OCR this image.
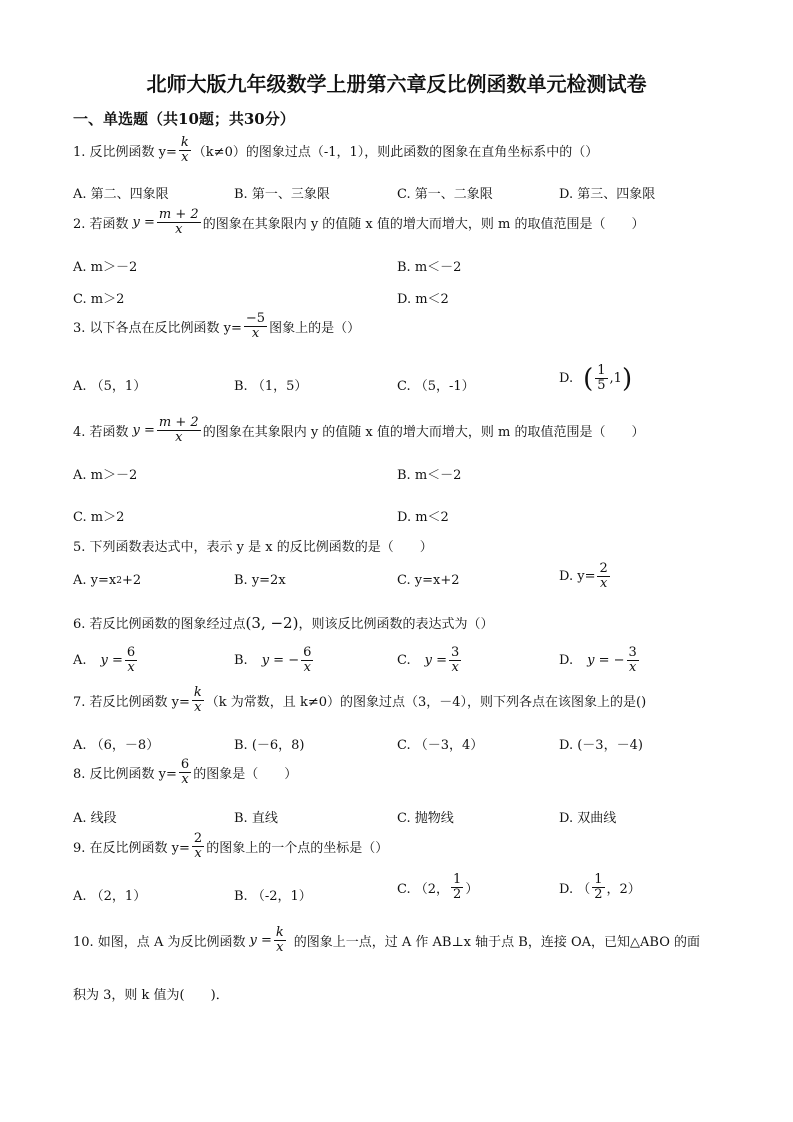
北师大版九年级数学上册第六章反比例函数单元检测试卷
一、单选题（共10题；共30分）
1. 反比例函数 $y= \frac{k}{x} (k\ne 0)$的图象过点（-1，1），则此函数的图象在直角坐标系中的（）
A. 第二、四象限	B. 第一、三象限	C. 第一、二象限	D. 第三、四象限
2. 若函数 $y = \frac{m + 2}{x}$ 的图象在其象限内 y 的值随 x 值的增大而增大，则 m 的取值范围是（　　）
A. m＞－2	B. m＜－2
C. m＞2	D. m＜2
3. 以下各点在反比例函数 $y= \frac{-5}{x}$ 图象上的是（）
A. （5，1）	B. （1，5）	C. （5，-1）
D. ( $\frac{1}{5} ,1$ )
4. 若函数 $y = \frac{m + 2}{x}$ 的图象在其象限内 y 的值随 x 值的增大而增大，则 m 的取值范围是（　　）
A. m＞－2	B. m＜－2
C. m＞2	D. m＜2
5. 下列函数表达式中，表示 y 是 x 的反比例函数的是（　　）
A. y=x 2 +2	B. y=2x	C. y=x+2	D. $y= \frac{2}{x}$
6. 若反比例函数的图象经过点 (3, −2) ，则该反比例函数的表达式为（）
A. $y = \frac{6}{x}$	B. y = − $\frac{6}{x}$	C. $y = \frac{3}{x}$	D. y = − $\frac{3}{x}$
7. 若反比例函数 $y= \frac{k}{x} (k$ 为常数，且 k≠0）的图象过点（3，－4），则下列各点在该图象上的是()
A. （6，－8）	B. (－6，8)	C. （－3，4）	D. (－3，－4)
8. 反比例函数 $y= \frac{6}{x}$ 的图象是（　　）
A. 线段	B. 直线	C. 抛物线	D. 双曲线
9. 在反比例函数 $y= \frac{2}{x}$ 的图象上的一个点的坐标是（）
A. （2，1）	B. （-2，1）	C. （2， $\frac{1}{2}$ ）	D. （ $\frac{1}{2}$ ，2）
10. 如图，点 A 为反比例函数 $y = \frac{k}{x}$ 的图象上一点，过 A 作 AB⊥x 轴于点 B，连接 OA，已知△ABO 的面
积为 3，则 k 值为(　　)．
